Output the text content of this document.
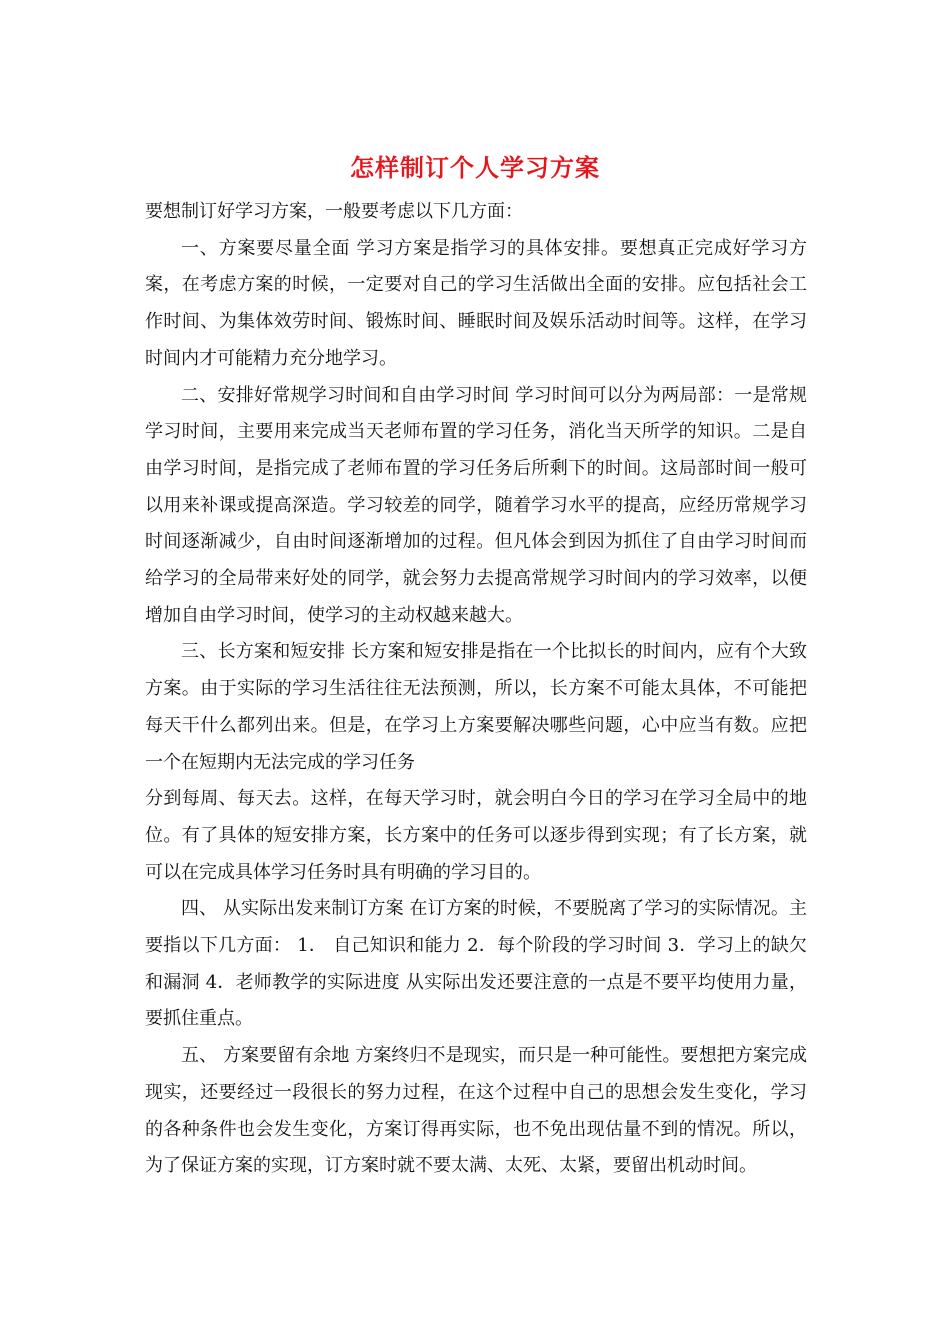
怎样制订个人学习方案

要想制订好学习方案，一般要考虑以下几方面：

一、方案要尽量全面 学习方案是指学习的具体安排。要想真正完成好学习方案，在考虑方案的时候，一定要对自己的学习生活做出全面的安排。应包括社会工作时间、为集体效劳时间、锻炼时间、睡眠时间及娱乐活动时间等。这样，在学习时间内才可能精力充分地学习。

二、安排好常规学习时间和自由学习时间 学习时间可以分为两局部：一是常规学习时间，主要用来完成当天老师布置的学习任务，消化当天所学的知识。二是自由学习时间，是指完成了老师布置的学习任务后所剩下的时间。这局部时间一般可以用来补课或提高深造。学习较差的同学，随着学习水平的提高，应经历常规学习时间逐渐减少，自由时间逐渐增加的过程。但凡体会到因为抓住了自由学习时间而给学习的全局带来好处的同学，就会努力去提高常规学习时间内的学习效率，以便增加自由学习时间，使学习的主动权越来越大。

三、长方案和短安排 长方案和短安排是指在一个比拟长的时间内，应有个大致方案。由于实际的学习生活往往无法预测，所以，长方案不可能太具体，不可能把每天干什么都列出来。但是，在学习上方案要解决哪些问题，心中应当有数。应把一个在短期内无法完成的学习任务

分到每周、每天去。这样，在每天学习时，就会明白今日的学习在学习全局中的地位。有了具体的短安排方案，长方案中的任务可以逐步得到实现；有了长方案，就可以在完成具体学习任务时具有明确的学习目的。

四、 从实际出发来制订方案 在订方案的时候，不要脱离了学习的实际情况。主要指以下几方面： 1． 自己知识和能力 2．每个阶段的学习时间 3．学习上的缺欠和漏洞 4．老师教学的实际进度 从实际出发还要注意的一点是不要平均使用力量，要抓住重点。

五、 方案要留有余地 方案终归不是现实，而只是一种可能性。要想把方案完成现实，还要经过一段很长的努力过程，在这个过程中自己的思想会发生变化，学习的各种条件也会发生变化，方案订得再实际，也不免出现估量不到的情况。所以，为了保证方案的实现，订方案时就不要太满、太死、太紧，要留出机动时间。
